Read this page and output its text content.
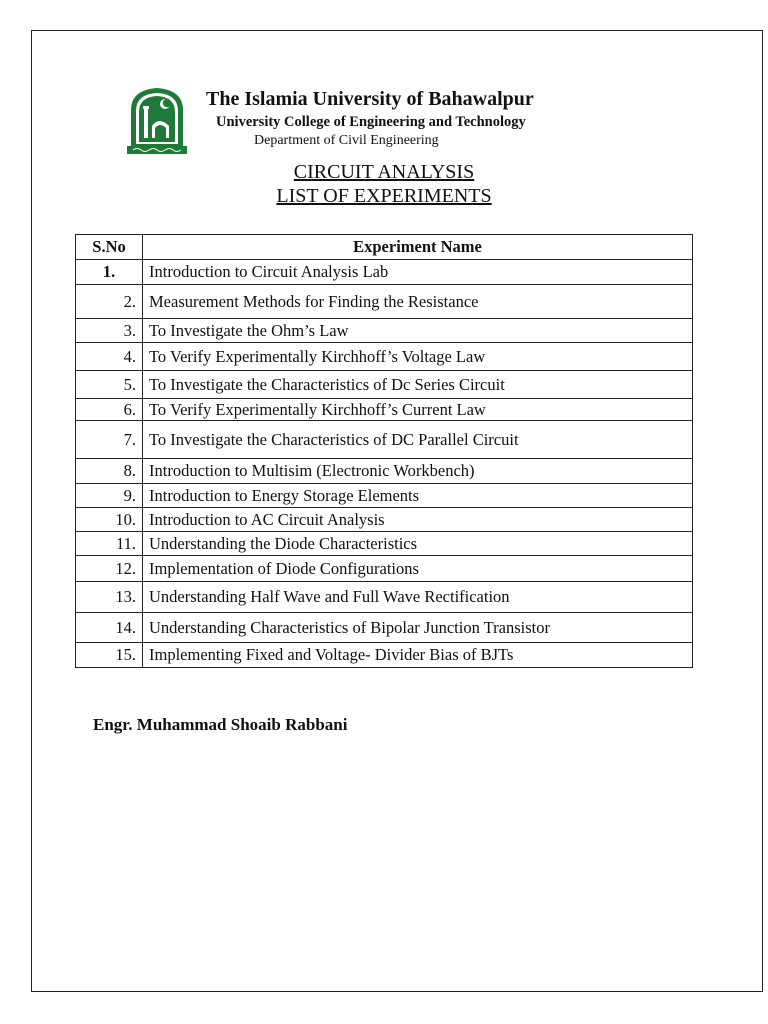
The Islamia University of Bahawalpur
University College of Engineering and Technology
Department of Civil Engineering
CIRCUIT ANALYSIS
LIST OF EXPERIMENTS
S.No	Experiment Name
1.	Introduction to Circuit Analysis Lab
2.	Measurement Methods for Finding the Resistance
3.	To Investigate the Ohm’s Law
4.	To Verify Experimentally Kirchhoff’s Voltage Law
5.	To Investigate the Characteristics of Dc Series Circuit
6.	To Verify Experimentally Kirchhoff’s Current Law
7.	To Investigate the Characteristics of DC Parallel Circuit
8.	Introduction to Multisim (Electronic Workbench)
9.	Introduction to Energy Storage Elements
10.	Introduction to AC Circuit Analysis
11.	Understanding the Diode Characteristics
12.	Implementation of Diode Configurations
13.	Understanding Half Wave and Full Wave Rectification
14.	Understanding Characteristics of Bipolar Junction Transistor
15.	Implementing Fixed and Voltage- Divider Bias of BJTs
Engr. Muhammad Shoaib Rabbani
